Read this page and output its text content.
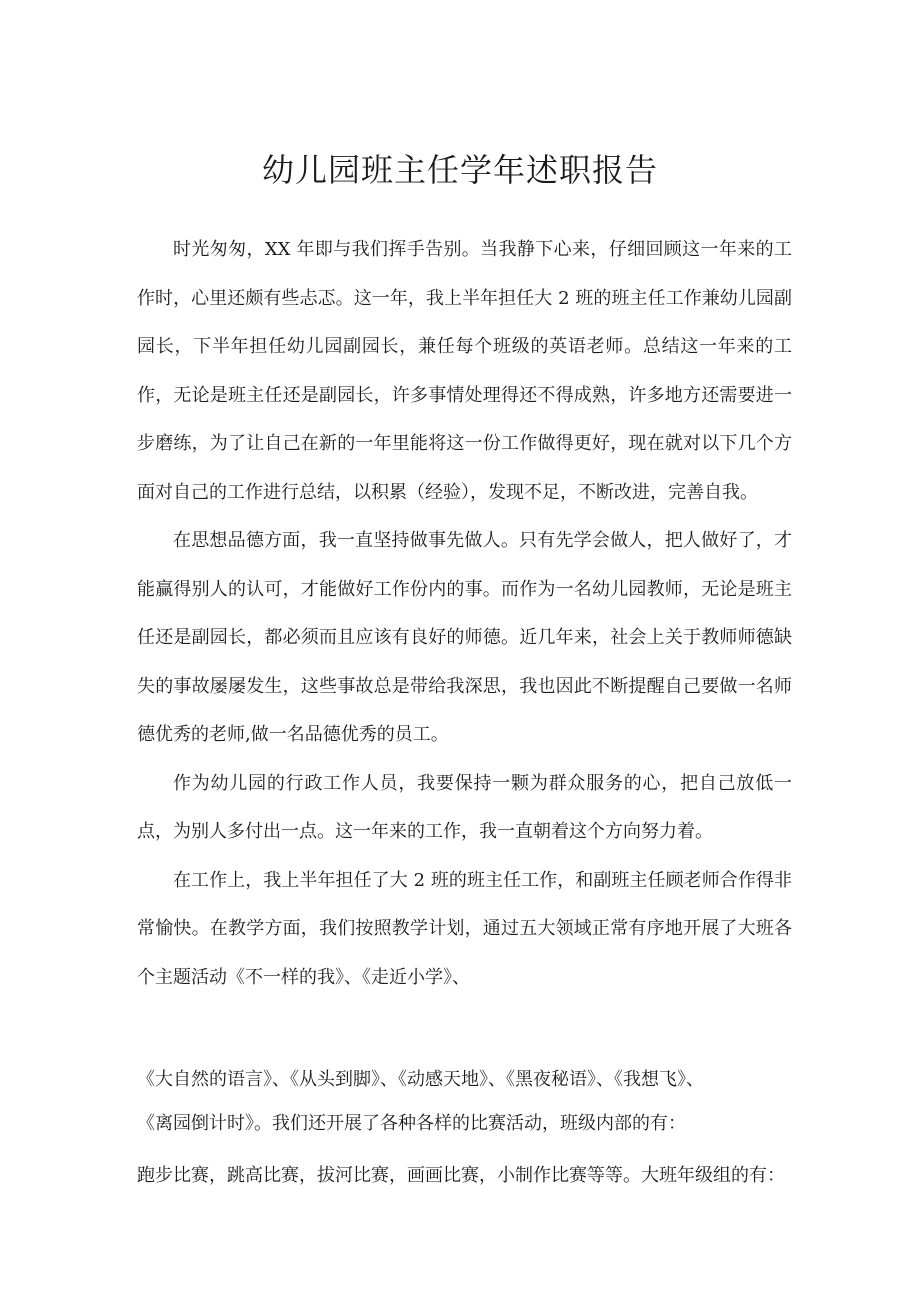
幼儿园班主任学年述职报告

时光匆匆，XX 年即与我们挥手告别。当我静下心来，仔细回顾这一年来的工作时，心里还颇有些忐忑。这一年，我上半年担任大 2 班的班主任工作兼幼儿园副园长，下半年担任幼儿园副园长，兼任每个班级的英语老师。总结这一年来的工作，无论是班主任还是副园长，许多事情处理得还不得成熟，许多地方还需要进一步磨练，为了让自己在新的一年里能将这一份工作做得更好，现在就对以下几个方面对自己的工作进行总结，以积累（经验），发现不足，不断改进，完善自我。

在思想品德方面，我一直坚持做事先做人。只有先学会做人，把人做好了，才能赢得别人的认可，才能做好工作份内的事。而作为一名幼儿园教师，无论是班主任还是副园长，都必须而且应该有良好的师德。近几年来，社会上关于教师师德缺失的事故屡屡发生，这些事故总是带给我深思，我也因此不断提醒自己要做一名师德优秀的老师,做一名品德优秀的员工。

作为幼儿园的行政工作人员，我要保持一颗为群众服务的心，把自己放低一点，为别人多付出一点。这一年来的工作，我一直朝着这个方向努力着。

在工作上，我上半年担任了大 2 班的班主任工作，和副班主任顾老师合作得非常愉快。在教学方面，我们按照教学计划，通过五大领域正常有序地开展了大班各个主题活动《不一样的我》、《走近小学》、

《大自然的语言》、《从头到脚》、《动感天地》、《黑夜秘语》、《我想飞》、

《离园倒计时》。我们还开展了各种各样的比赛活动，班级内部的有：

跑步比赛，跳高比赛，拔河比赛，画画比赛，小制作比赛等等。大班年级组的有：
